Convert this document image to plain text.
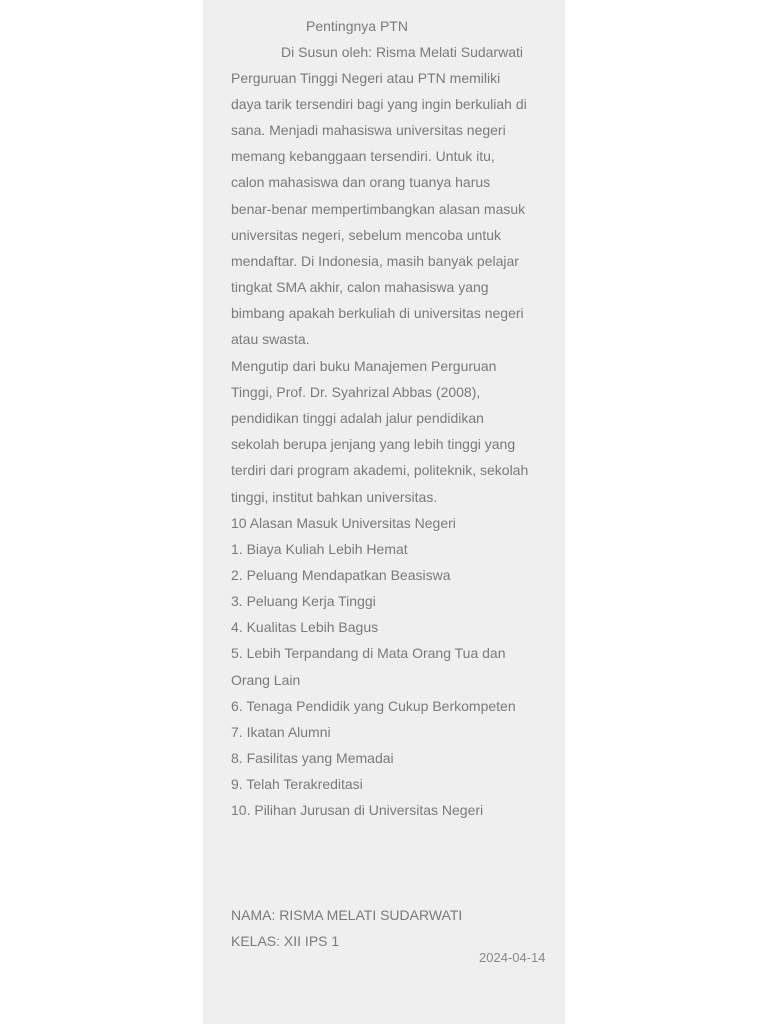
Pentingnya PTN
Di Susun oleh: Risma Melati Sudarwati
Perguruan Tinggi Negeri atau PTN memiliki
daya tarik tersendiri bagi yang ingin berkuliah di
sana. Menjadi mahasiswa universitas negeri
memang kebanggaan tersendiri. Untuk itu,
calon mahasiswa dan orang tuanya harus
benar-benar mempertimbangkan alasan masuk
universitas negeri, sebelum mencoba untuk
mendaftar. Di Indonesia, masih banyak pelajar
tingkat SMA akhir, calon mahasiswa yang
bimbang apakah berkuliah di universitas negeri
atau swasta.
Mengutip dari buku Manajemen Perguruan
Tinggi, Prof. Dr. Syahrizal Abbas (2008),
pendidikan tinggi adalah jalur pendidikan
sekolah berupa jenjang yang lebih tinggi yang
terdiri dari program akademi, politeknik, sekolah
tinggi, institut bahkan universitas.
10 Alasan Masuk Universitas Negeri
1. Biaya Kuliah Lebih Hemat
2. Peluang Mendapatkan Beasiswa
3. Peluang Kerja Tinggi
4. Kualitas Lebih Bagus
5. Lebih Terpandang di Mata Orang Tua dan
Orang Lain
6. Tenaga Pendidik yang Cukup Berkompeten
7. Ikatan Alumni
8. Fasilitas yang Memadai
9. Telah Terakreditasi
10. Pilihan Jurusan di Universitas Negeri
NAMA: RISMA MELATI SUDARWATI
KELAS: XII IPS 1
2024-04-14
